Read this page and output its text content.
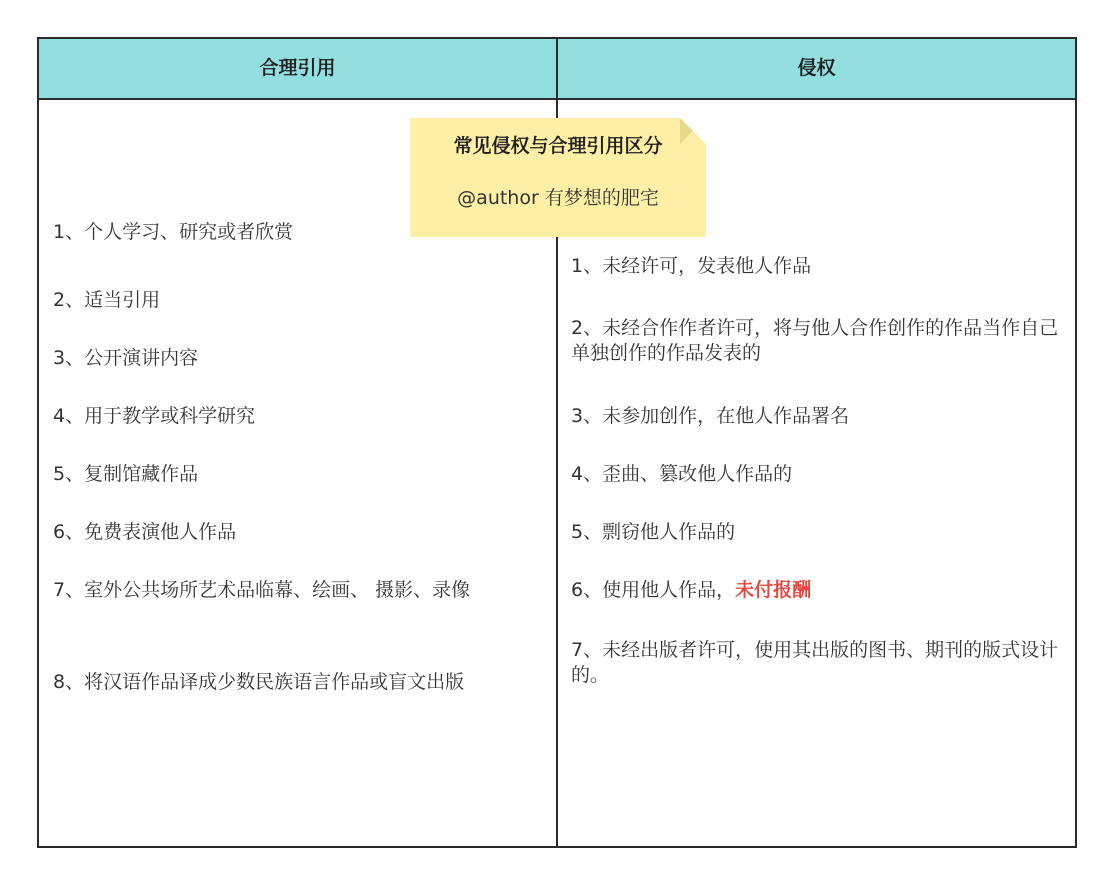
合理引用	侵权
1、个人学习、研究或者欣赏
2、适当引用
3、公开演讲内容
4、用于教学或科学研究
5、复制馆藏作品
6、免费表演他人作品
7、室外公共场所艺术品临幕、绘画、 摄影、录像
8、将汉语作品译成少数民族语言作品或盲文出版
1、未经许可，发表他人作品
2、未经合作作者许可，将与他人合作创作的作品当作自己单独创作的作品发表的
3、未参加创作，在他人作品署名
4、歪曲、篡改他人作品的
5、剽窃他人作品的
6、使用他人作品，未付报酬
7、未经出版者许可，使用其出版的图书、期刊的版式设计的。
常见侵权与合理引用区分
@author 有梦想的肥宅
